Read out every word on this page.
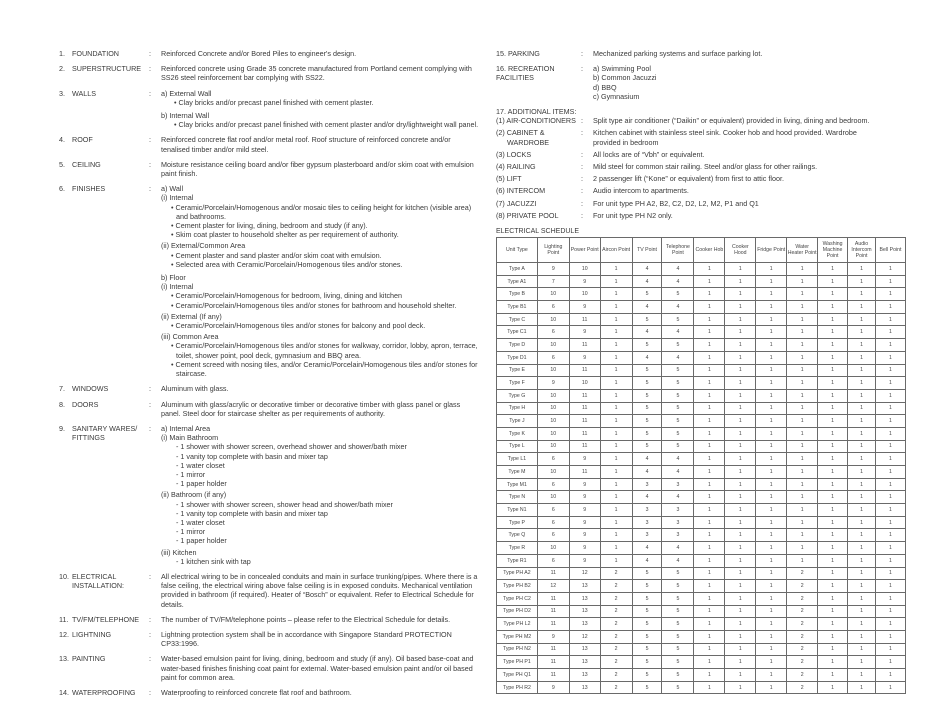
1. FOUNDATION	:	Reinforced Concrete and/or Bored Piles to engineer's design.
2. SUPERSTRUCTURE	:	Reinforced concrete using Grade 35 concrete manufactured from Portland cement complying with SS26 steel reinforcement bar complying with SS22.
3. WALLS	:	a) External Wall
• Clay bricks and/or precast panel finished with cement plaster.
b) Internal Wall
• Clay bricks and/or precast panel finished with cement plaster and/or dry/lightweight wall panel.
4. ROOF	:	Reinforced concrete flat roof and/or metal roof. Roof structure of reinforced concrete and/or tenalised timber and/or mild steel.
5. CEILING	:	Moisture resistance ceiling board and/or fiber gypsum plasterboard and/or skim coat with emulsion paint finish.
6. FINISHES	:	a) Wall
(i) Internal
• Ceramic/Porcelain/Homogenous and/or mosaic tiles to ceiling height for kitchen (visible area) and bathrooms.
• Cement plaster for living, dining, bedroom and study (if any).
• Skim coat plaster to household shelter as per requirement of authority.
(ii) External/Common Area
• Cement plaster and sand plaster and/or skim coat with emulsion.
• Selected area with Ceramic/Porcelain/Homogenous tiles and/or stones.
b) Floor
(i) Internal
• Ceramic/Porcelain/Homogenous for bedroom, living, dining and kitchen
• Ceramic/Porcelain/Homogenous tiles and/or stones for bathroom and household shelter.
(ii) External (If any)
• Ceramic/Porcelain/Homogenous tiles and/or stones for balcony and pool deck.
(iii) Common Area
• Ceramic/Porcelain/Homogenous tiles and/or stones for walkway, corridor, lobby, apron, terrace, toilet, shower point, pool deck, gymnasium and BBQ area.
• Cement screed with nosing tiles, and/or Ceramic/Porcelain/Homogenous tiles and/or stones for staircase.
7. WINDOWS	:	Aluminum with glass.
8. DOORS	:	Aluminum with glass/acrylic or decorative timber or decorative timber with glass panel or glass panel. Steel door for staircase shelter as per requirements of authority.
9. SANITARY WARES/ FITTINGS
:	a) Internal Area
(i) Main Bathroom
- 1 shower with shower screen, overhead shower and shower/bath mixer
- 1 vanity top complete with basin and mixer tap
- 1 water closet
- 1 mirror
- 1 paper holder
(ii) Bathroom (if any)
- 1 shower with shower screen, shower head and shower/bath mixer
- 1 vanity top complete with basin and mixer tap
- 1 water closet
- 1 mirror
- 1 paper holder
(iii) Kitchen
- 1 kitchen sink with tap
10. ELECTRICAL INSTALLATION:
:	All electrical wiring to be in concealed conduits and main in surface trunking/pipes. Where there is a false ceiling, the electrical wiring above false ceiling is in exposed conduits. Mechanical ventilation provided in bathroom (if required). Heater of “Bosch” or equivalent. Refer to Electrical Schedule for details.
11. TV/FM/TELEPHONE	:	The number of TV/FM/telephone points – please refer to the Electrical Schedule for details.
12. LIGHTNING	:	Lightning protection system shall be in accordance with Singapore Standard PROTECTION CP33:1996.
13. PAINTING	:	Water-based emulsion paint for living, dining, bedroom and study (if any). Oil based base-coat and water-based finishes finishing coat paint for external. Water-based emulsion paint and/or oil based paint for common area.
14. WATERPROOFING	:	Waterproofing to reinforced concrete flat roof and bathroom.
15. PARKING	:	Mechanized parking systems and surface parking lot.
16. RECREATION FACILITIES
:	a) Swimming Pool
b) Common Jacuzzi
d) BBQ
c) Gymnasium
17. ADDITIONAL ITEMS:
(1) AIR-CONDITIONERS :	Split type air conditioner (“Daikin” or equivalent) provided in living, dining and bedroom.
(2) CABINET & WARDROBE
:	Kitchen cabinet with stainless steel sink. Cooker hob and hood provided. Wardrobe provided in bedroom
(3) LOCKS	:	All locks are of “Vbh” or equivalent.
(4) RAILING	:	Mild steel for common stair railing. Steel and/or glass for other railings.
(5) LIFT	:	2 passenger lift (“Kone” or equivalent) from first to attic floor.
(6) INTERCOM	:	Audio intercom to apartments.
(7) JACUZZI	:	For unit type PH A2, B2, C2, D2, L2, M2, P1 and Q1
(8) PRIVATE POOL	:	For unit type PH N2 only.
ELECTRICAL SCHEDULE
Unit Type	Lighting Point	Power Point	Aircon Point	TV Point	Telephone Point	Cooker Hob	Cooker Hood	Fridge Point	Water Heater Point	Washing Machine Point	Audio Intercom Point	Bell Point
Type A	9	10	1	4	4	1	1	1	1	1	1	1
Type A1	7	9	1	4	4	1	1	1	1	1	1	1
Type B	10	10	1	5	5	1	1	1	1	1	1	1
Type B1	6	9	1	4	4	1	1	1	1	1	1	1
Type C	10	11	1	5	5	1	1	1	1	1	1	1
Type C1	6	9	1	4	4	1	1	1	1	1	1	1
Type D	10	11	1	5	5	1	1	1	1	1	1	1
Type D1	6	9	1	4	4	1	1	1	1	1	1	1
Type E	10	11	1	5	5	1	1	1	1	1	1	1
Type F	9	10	1	5	5	1	1	1	1	1	1	1
Type G	10	11	1	5	5	1	1	1	1	1	1	1
Type H	10	11	1	5	5	1	1	1	1	1	1	1
Type J	10	11	1	5	5	1	1	1	1	1	1	1
Type K	10	11	1	5	5	1	1	1	1	1	1	1
Type L	10	11	1	5	5	1	1	1	1	1	1	1
Type L1	6	9	1	4	4	1	1	1	1	1	1	1
Type M	10	11	1	4	4	1	1	1	1	1	1	1
Type M1	6	9	1	3	3	1	1	1	1	1	1	1
Type N	10	9	1	4	4	1	1	1	1	1	1	1
Type N1	6	9	1	3	3	1	1	1	1	1	1	1
Type P	6	9	1	3	3	1	1	1	1	1	1	1
Type Q	6	9	1	3	3	1	1	1	1	1	1	1
Type R	10	9	1	4	4	1	1	1	1	1	1	1
Type R1	6	9	1	4	4	1	1	1	1	1	1	1
Type PH A2	11	12	2	5	5	1	1	1	2	1	1	1
Type PH B2	12	13	2	5	5	1	1	1	2	1	1	1
Type PH C2	11	13	2	5	5	1	1	1	2	1	1	1
Type PH D2	11	13	2	5	5	1	1	1	2	1	1	1
Type PH L2	11	13	2	5	5	1	1	1	2	1	1	1
Type PH M2	9	12	2	5	5	1	1	1	2	1	1	1
Type PH N2	11	13	2	5	5	1	1	1	2	1	1	1
Type PH P1	11	13	2	5	5	1	1	1	2	1	1	1
Type PH Q1	11	13	2	5	5	1	1	1	2	1	1	1
Type PH R2	9	13	2	5	5	1	1	1	2	1	1	1
